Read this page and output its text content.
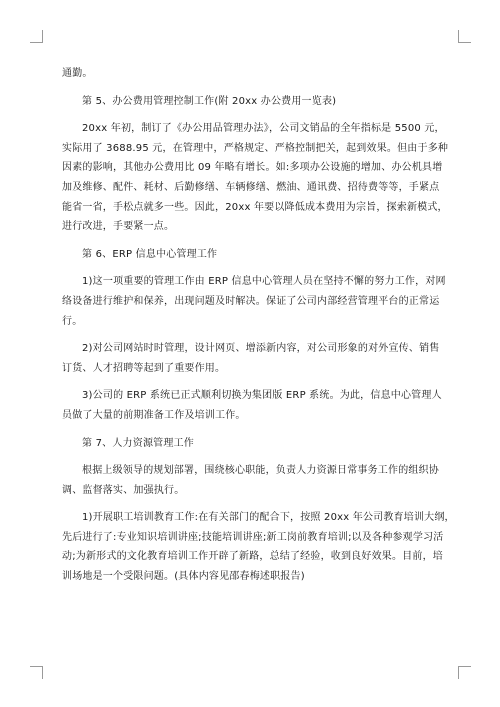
通勤。
第 5、办公费用管理控制工作(附 20xx 办公费用一览表)
20xx 年初，制订了《办公用品管理办法》，公司文销品的全年指标是 5500 元，
实际用了 3688.95 元，在管理中，严格规定、严格控制把关，起到效果。但由于多种
因素的影响，其他办公费用比 09 年略有增长。如:多项办公设施的增加、办公机具增
加及维修、配件、耗材、后勤修缮、车辆修缮、燃油、通讯费、招待费等等，手紧点
能省一省，手松点就多一些。因此，20xx 年要以降低成本费用为宗旨，探索新模式，
进行改进，手要紧一点。
第 6、ERP 信息中心管理工作
1)这一项重要的管理工作由 ERP 信息中心管理人员在坚持不懈的努力工作，对网
络设备进行维护和保养，出现问题及时解决。保证了公司内部经营管理平台的正常运
行。
2)对公司网站时时管理，设计网页、增添新内容，对公司形象的对外宣传、销售
订货、人才招聘等起到了重要作用。
3)公司的 ERP 系统已正式顺利切换为集团版 ERP 系统。为此，信息中心管理人
员做了大量的前期准备工作及培训工作。
第 7、人力资源管理工作
根据上级领导的规划部署，围绕核心职能，负责人力资源日常事务工作的组织协
调、监督落实、加强执行。
1)开展职工培训教育工作:在有关部门的配合下，按照 20xx 年公司教育培训大纲，
先后进行了:专业知识培训讲座;技能培训讲座;新工岗前教育培训;以及各种参观学习活
动;为新形式的文化教育培训工作开辟了新路，总结了经验，收到良好效果。目前，培
训场地是一个受限问题。(具体内容见邵春梅述职报告)
